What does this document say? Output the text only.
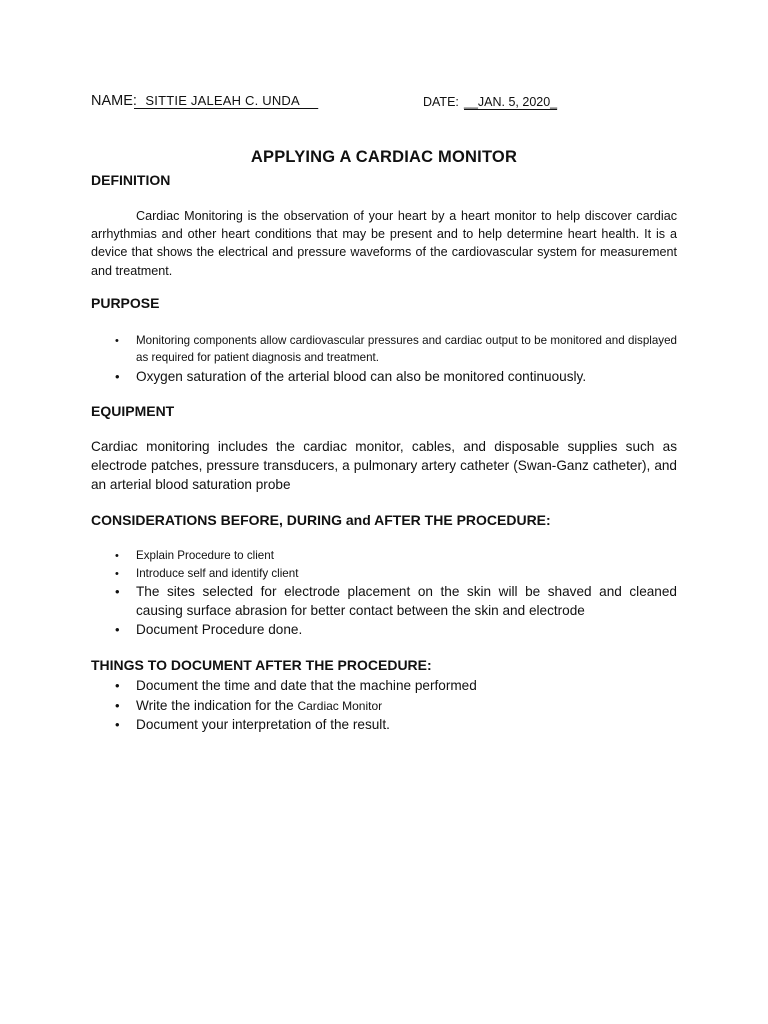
NAME:
SITTIE JALEAH C. UNDA	DATE: __JAN. 5, 2020_
APPLYING A CARDIAC MONITOR
DEFINITION
Cardiac Monitoring is the observation of your heart by a heart monitor to help discover cardiac arrhythmias and other heart conditions that may be present and to help determine heart health. It is a device that shows the electrical and pressure waveforms of the cardiovascular system for measurement and treatment.
PURPOSE
• Monitoring components allow cardiovascular pressures and cardiac output to be monitored and displayed as required for patient diagnosis and treatment.
• Oxygen saturation of the arterial blood can also be monitored continuously.
EQUIPMENT
Cardiac monitoring includes the cardiac monitor, cables, and disposable supplies such as electrode patches, pressure transducers, a pulmonary artery catheter (Swan-Ganz catheter), and an arterial blood saturation probe
CONSIDERATIONS BEFORE, DURING and AFTER THE PROCEDURE:
• Explain Procedure to client
• Introduce self and identify client
• The sites selected for electrode placement on the skin will be shaved and cleaned causing surface abrasion for better contact between the skin and electrode
• Document Procedure done.
THINGS TO DOCUMENT AFTER THE PROCEDURE:
• Document the time and date that the machine performed
• Write the indication for the Cardiac Monitor
• Document your interpretation of the result.
